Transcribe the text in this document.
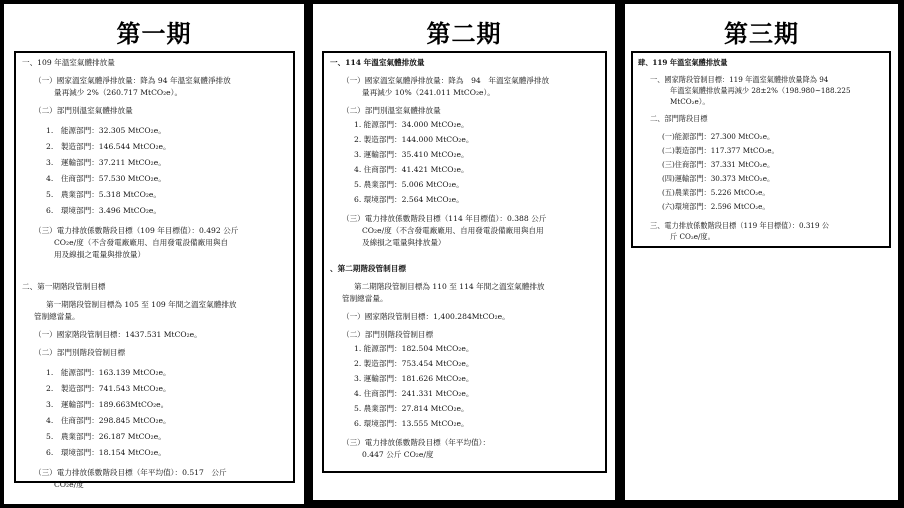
第一期

一、109 年溫室氣體排放量

（一）國家溫室氣體淨排放量：降為 94 年溫室氣體淨排放

量再減少 2%（260.717 MtCO₂e）。

（二）部門別溫室氣體排放量

1.　能源部門：32.305 MtCO₂e。

2.　製造部門：146.544 MtCO₂e。

3.　運輸部門：37.211 MtCO₂e。

4.　住商部門：57.530 MtCO₂e。

5.　農業部門：5.318 MtCO₂e。

6.　環境部門：3.496 MtCO₂e。

（三）電力排放係數階段目標（109 年目標值）：0.492 公斤

CO₂e/度（不含發電廠廠用、自用發電設備廠用與自

用及線損之電量與排放量）

二、第一期階段管制目標

第一期階段管制目標為 105 至 109 年間之溫室氣體排放

管制總當量。

（一）國家階段管制目標：1437.531 MtCO₂e。

（二）部門別階段管制目標

1.　能源部門：163.139 MtCO₂e。

2.　製造部門：741.543 MtCO₂e。

3.　運輸部門：189.663MtCO₂e。

4.　住商部門：298.845 MtCO₂e。

5.　農業部門：26.187 MtCO₂e。

6.　環境部門：18.154 MtCO₂e。

（三）電力排放係數階段目標（年平均值）：0.517　公斤

CO₂e/度

第二期

一、114 年溫室氣體排放量

（一）國家溫室氣體淨排放量：降為　94　年溫室氣體淨排放

量再減少 10%（241.011 MtCO₂e）。

（二）部門別溫室氣體排放量

1. 能源部門：34.000 MtCO₂e。

2. 製造部門：144.000 MtCO₂e。

3. 運輸部門：35.410 MtCO₂e。

4. 住商部門：41.421 MtCO₂e。

5. 農業部門：5.006 MtCO₂e。

6. 環境部門：2.564 MtCO₂e。

（三）電力排放係數階段目標（114 年目標值）：0.388 公斤

CO₂e/度（不含發電廠廠用、自用發電設備廠用與自用

及線損之電量與排放量）

、第二期階段管制目標

第二期階段管制目標為 110 至 114 年間之溫室氣體排放

管制總當量。

（一）國家階段管制目標：1,400.284MtCO₂e。

（二）部門別階段管制目標

1. 能源部門：182.504 MtCO₂e。

2. 製造部門：753.454 MtCO₂e。

3. 運輸部門：181.626 MtCO₂e。

4. 住商部門：241.331 MtCO₂e。

5. 農業部門：27.814 MtCO₂e。

6. 環境部門：13.555 MtCO₂e。

（三）電力排放係數階段目標（年平均值）：

0.447 公斤 CO₂e/度

第三期

肆、119 年溫室氣體排放量

一、國家階段管制目標：119 年溫室氣體排放量降為 94

年溫室氣體排放量再減少 28±2%（198.980~188.225

MtCO₂e）。

二、部門階段目標

(一)能源部門：27.300 MtCO₂e。

(二)製造部門：117.377 MtCO₂e。

(三)住商部門：37.331 MtCO₂e。

(四)運輸部門：30.373 MtCO₂e。

(五)農業部門：5.226 MtCO₂e。

(六)環境部門：2.596 MtCO₂e。

三、電力排放係數階段目標（119 年目標值）：0.319 公

斤 CO₂e/度。
